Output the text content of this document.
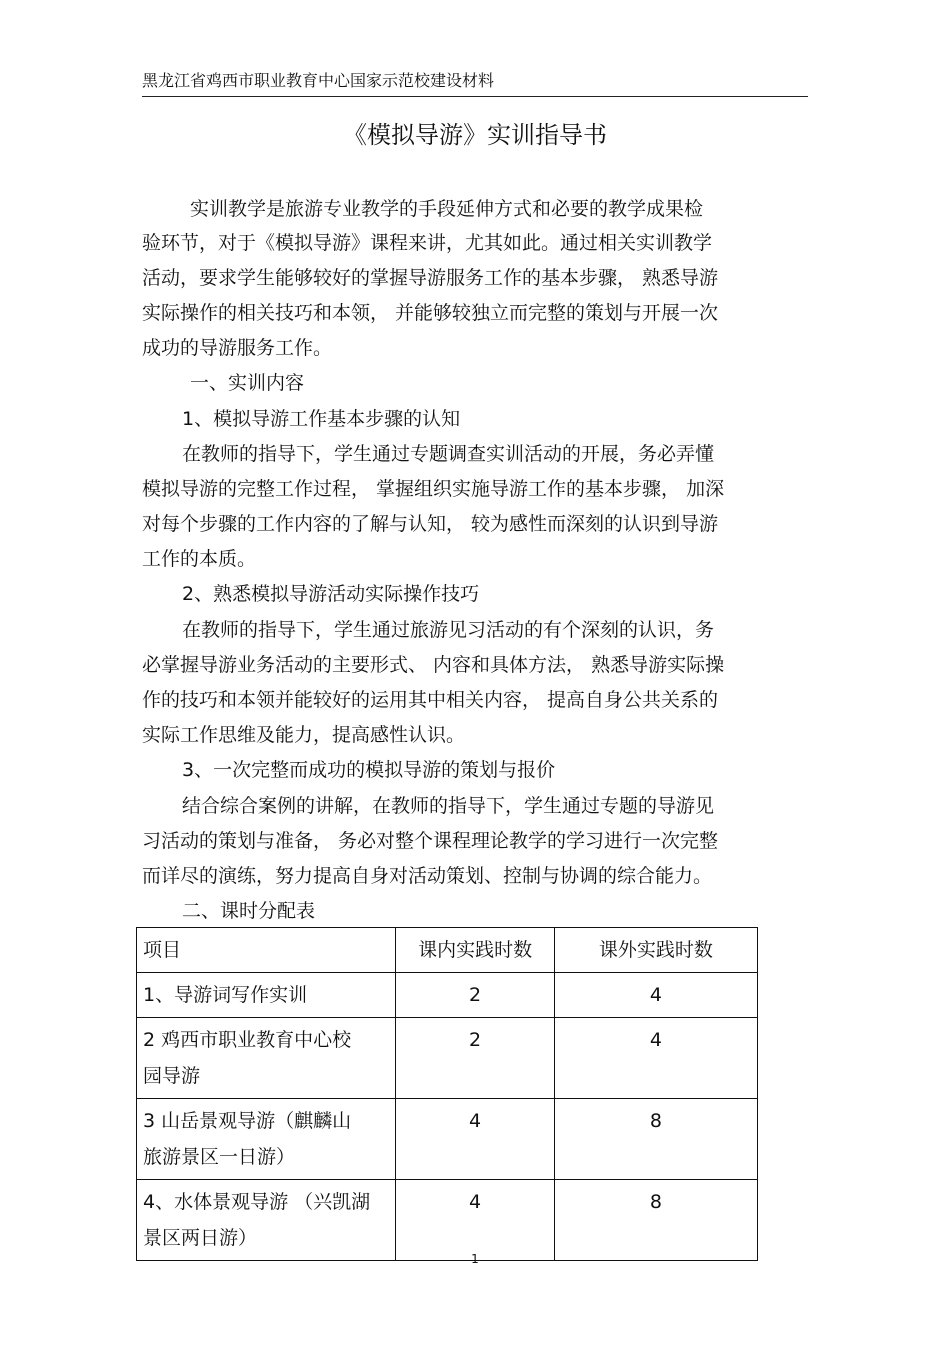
黑龙江省鸡西市职业教育中心国家示范校建设材料
《模拟导游》实训指导书
实训教学是旅游专业教学的手段延伸方式和必要的教学成果检
验环节，对于《模拟导游》课程来讲，尤其如此。通过相关实训教学
活动，要求学生能够较好的掌握导游服务工作的基本步骤， 熟悉导游
实际操作的相关技巧和本领， 并能够较独立而完整的策划与开展一次
成功的导游服务工作。
一、实训内容
1、模拟导游工作基本步骤的认知
在教师的指导下，学生通过专题调查实训活动的开展，务必弄懂
模拟导游的完整工作过程， 掌握组织实施导游工作的基本步骤， 加深
对每个步骤的工作内容的了解与认知， 较为感性而深刻的认识到导游
工作的本质。
2、熟悉模拟导游活动实际操作技巧
在教师的指导下，学生通过旅游见习活动的有个深刻的认识，务
必掌握导游业务活动的主要形式、 内容和具体方法， 熟悉导游实际操
作的技巧和本领并能较好的运用其中相关内容， 提高自身公共关系的
实际工作思维及能力，提高感性认识。
3、一次完整而成功的模拟导游的策划与报价
结合综合案例的讲解，在教师的指导下，学生通过专题的导游见
习活动的策划与准备， 务必对整个课程理论教学的学习进行一次完整
而详尽的演练，努力提高自身对活动策划、控制与协调的综合能力。
二、课时分配表
项目	课内实践时数	课外实践时数

1、导游词写作实训	2	4

2 鸡西市职业教育中心校
园导游	2	4

3 山岳景观导游（麒麟山
旅游景区一日游）	4	8

4、水体景观导游 （兴凯湖
景区两日游）	4	8
1
